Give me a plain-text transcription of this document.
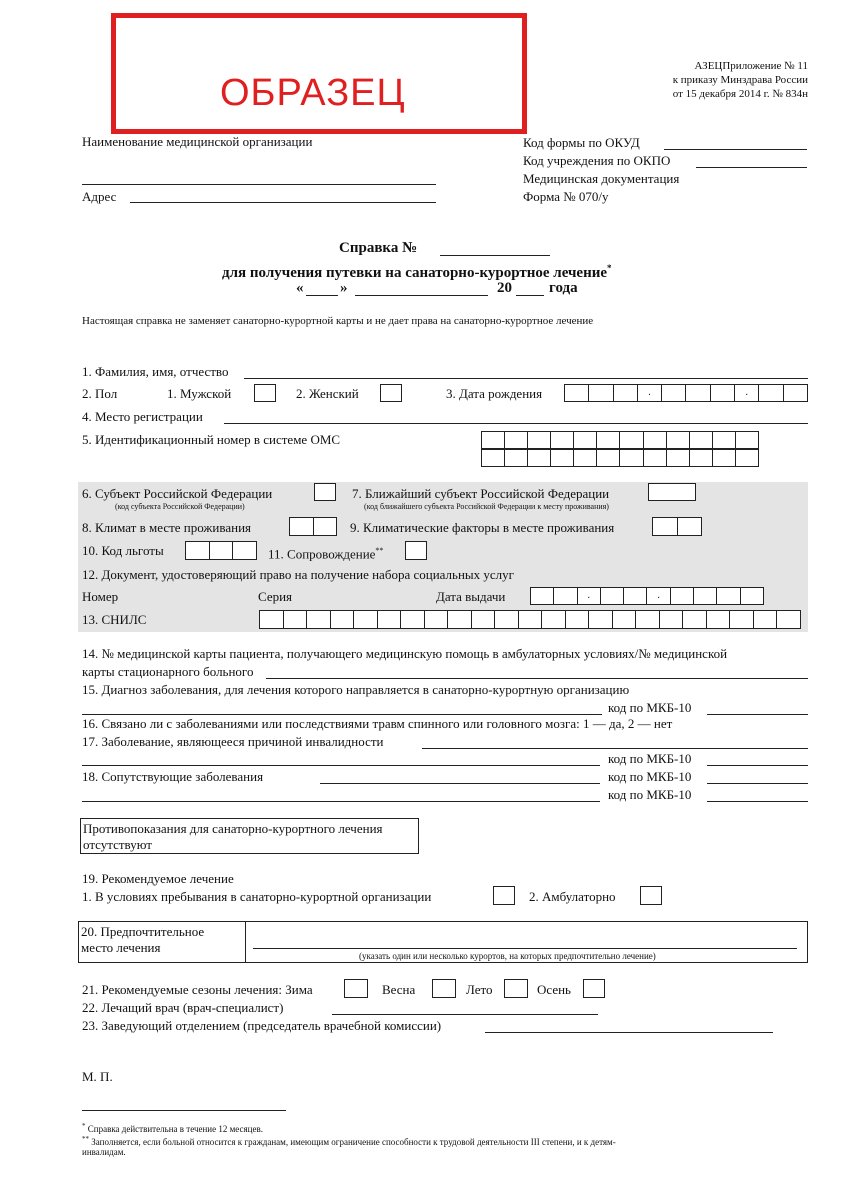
ОБРАЗЕЦ
АЗЕЦПриложение № 11
к приказу Минздрава России
от 15 декабря 2014 г. № 834н
Наименование медицинской организации
Адрес
Код формы по ОКУД
Код учреждения по ОКПО
Медицинская документация
Форма № 070/у
Справка №
для получения путевки на санаторно-курортное лечение*
« »	20 года
Настоящая справка не заменяет санаторно-курортной карты и не дает права на санаторно-курортное лечение
1. Фамилия, имя, отчество
2. Пол	1. Мужской	2. Женский	3. Дата рождения	.	.
4. Место регистрации
5. Идентификационный номер в системе ОМС
6. Субъект Российской Федерации
(код субъекта Российской Федерации)
7. Ближайший субъект Российской Федерации
(код ближайшего субъекта Российской Федерации к месту проживания)
8. Климат в месте проживания	9. Климатические факторы в месте проживания
10. Код льготы	11. Сопровождение**
12. Документ, удостоверяющий право на получение набора социальных услуг
Номер	Серия	Дата выдачи	.	.
13. СНИЛС
14. № медицинской карты пациента, получающего медицинскую помощь в амбулаторных условиях/№ медицинской
карты стационарного больного
15. Диагноз заболевания, для лечения которого направляется в санаторно-курортную организацию
код по МКБ-10
16. Связано ли с заболеваниями или последствиями травм спинного или головного мозга: 1 — да, 2 — нет
17. Заболевание, являющееся причиной инвалидности
код по МКБ-10
18. Сопутствующие заболевания	код по МКБ-10
код по МКБ-10
Противопоказания для санаторно-курортного лечения
отсутствуют
19. Рекомендуемое лечение
1. В условиях пребывания в санаторно-курортной организации	2. Амбулаторно
20. Предпочтительное
место лечения
(указать один или несколько курортов, на которых предпочтительно лечение)
21. Рекомендуемые сезоны лечения: Зима	Весна	Лето	Осень
22. Лечащий врач (врач-специалист)
23. Заведующий отделением (председатель врачебной комиссии)
М. П.
* Справка действительна в течение 12 месяцев.
** Заполняется, если больной относится к гражданам, имеющим ограничение способности к трудовой деятельности III степени, и к детям-
инвалидам.
